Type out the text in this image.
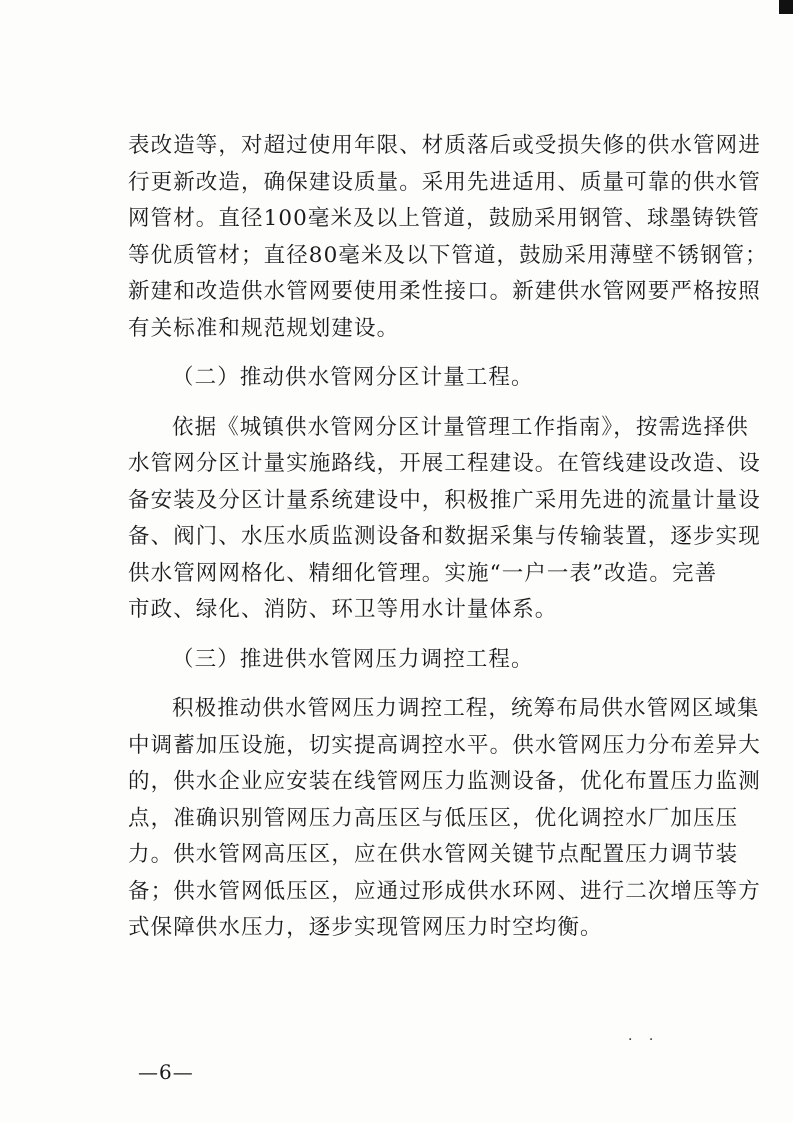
表改造等，对超过使用年限、材质落后或受损失修的供水管网进
行更新改造，确保建设质量。采用先进适用、质量可靠的供水管
网管材。直径100毫米及以上管道，鼓励采用钢管、球墨铸铁管
等优质管材；直径80毫米及以下管道，鼓励采用薄壁不锈钢管；
新建和改造供水管网要使用柔性接口。新建供水管网要严格按照
有关标准和规范规划建设。
（二）推动供水管网分区计量工程。
依据《城镇供水管网分区计量管理工作指南》，按需选择供
水管网分区计量实施路线，开展工程建设。在管线建设改造、设
备安装及分区计量系统建设中，积极推广采用先进的流量计量设
备、阀门、水压水质监测设备和数据采集与传输装置，逐步实现
供水管网网格化、精细化管理。实施“一户一表”改造。完善
市政、绿化、消防、环卫等用水计量体系。
（三）推进供水管网压力调控工程。
积极推动供水管网压力调控工程，统筹布局供水管网区域集
中调蓄加压设施，切实提高调控水平。供水管网压力分布差异大
的，供水企业应安装在线管网压力监测设备，优化布置压力监测
点，准确识别管网压力高压区与低压区，优化调控水厂加压压
力。供水管网高压区，应在供水管网关键节点配置压力调节装
备；供水管网低压区，应通过形成供水环网、进行二次增压等方
式保障供水压力，逐步实现管网压力时空均衡。
· ·
—6—
